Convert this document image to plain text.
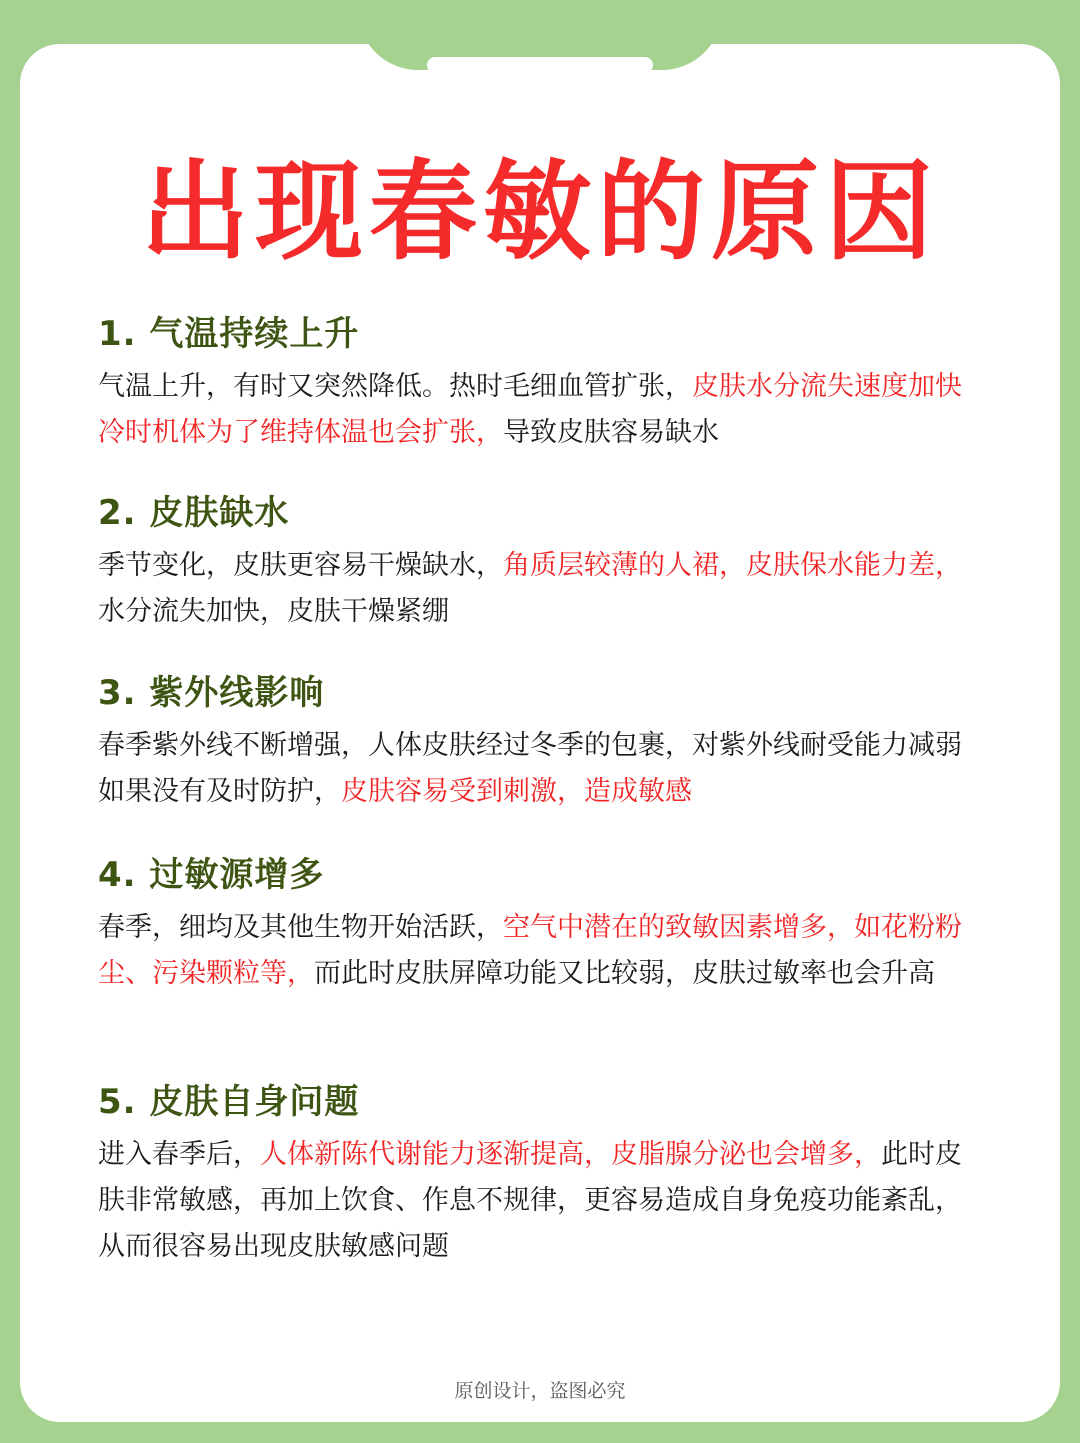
出现春敏的原因
1. 气温持续上升

气温上升，有时又突然降低。热时毛细血管扩张，皮肤水分流失速度加快冷时机体为了维持体温也会扩张，导致皮肤容易缺水

2. 皮肤缺水

季节变化，皮肤更容易干燥缺水，角质层较薄的人裙，皮肤保水能力差，水分流失加快，皮肤干燥紧绷

3. 紫外线影响

春季紫外线不断增强，人体皮肤经过冬季的包裹，对紫外线耐受能力减弱如果没有及时防护，皮肤容易受到刺激，造成敏感

4. 过敏源增多

春季，细均及其他生物开始活跃，空气中潜在的致敏因素增多，如花粉粉尘、污染颗粒等，而此时皮肤屏障功能又比较弱，皮肤过敏率也会升高

5. 皮肤自身问题

进入春季后，人体新陈代谢能力逐渐提高，皮脂腺分泌也会增多，此时皮肤非常敏感，再加上饮食、作息不规律，更容易造成自身免疫功能紊乱，从而很容易出现皮肤敏感问题

原创设计，盗图必究
